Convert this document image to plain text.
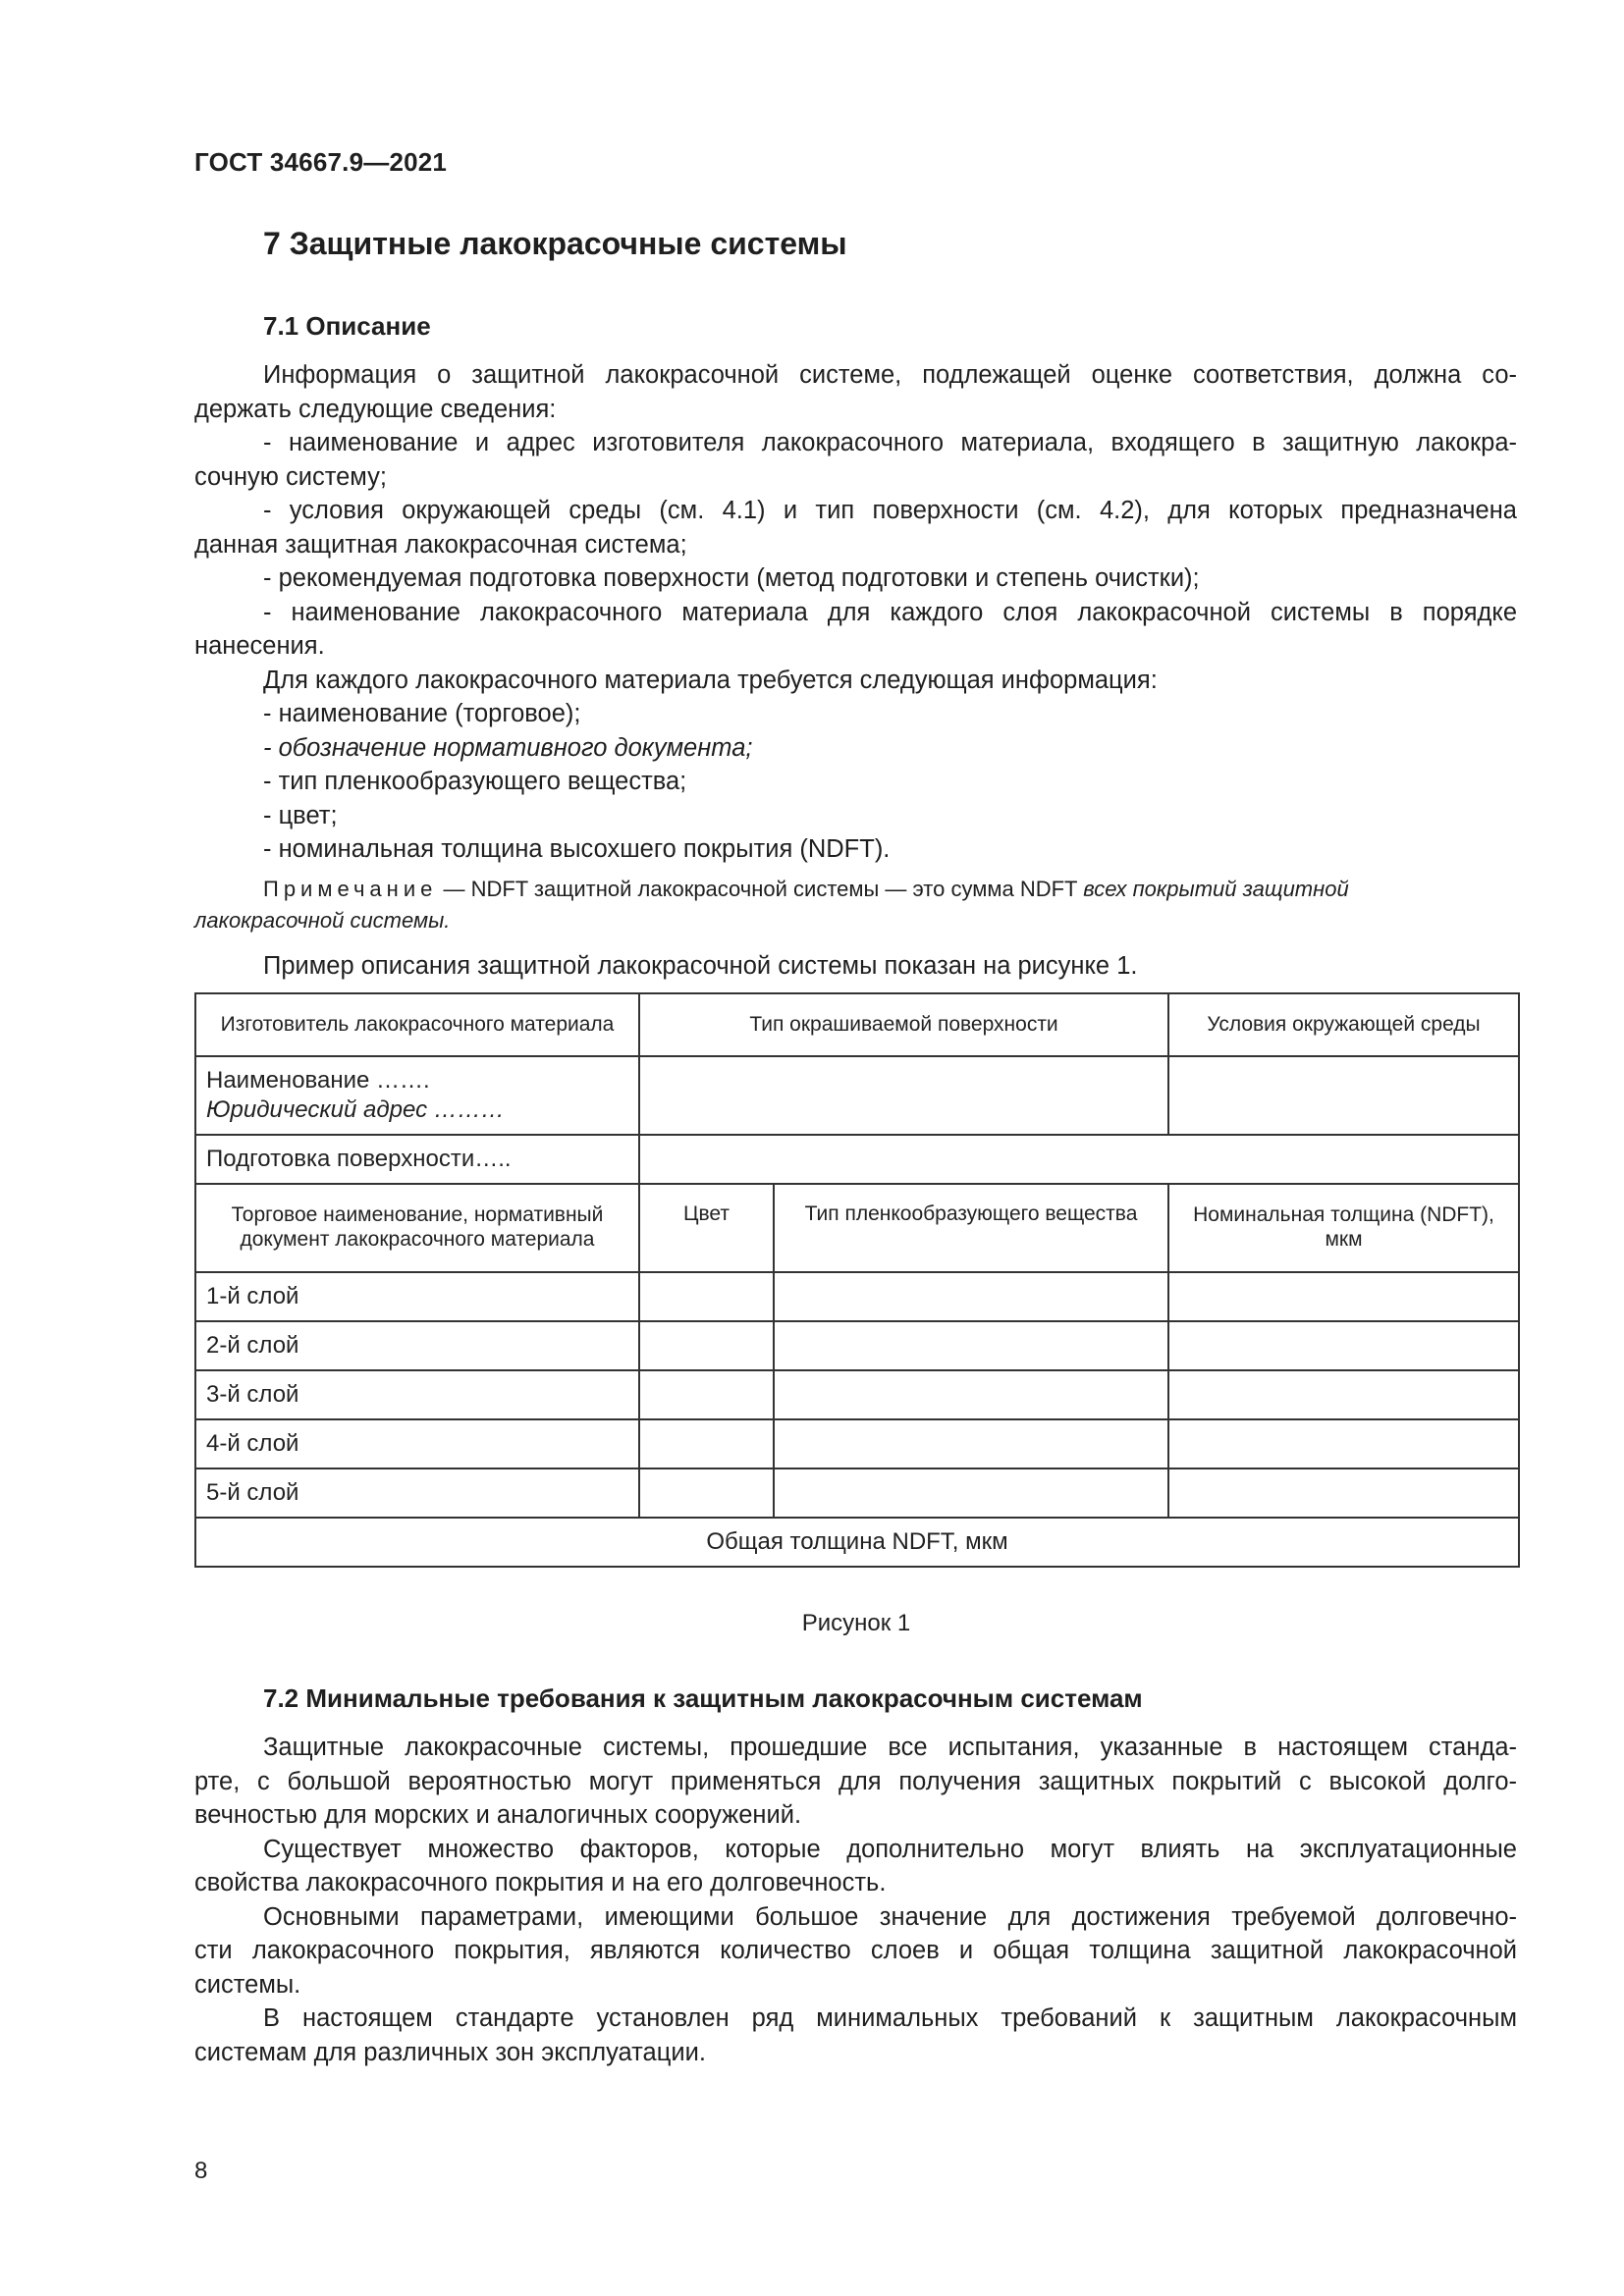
ГОСТ 34667.9—2021
7 Защитные лакокрасочные системы
7.1 Описание

Информация о защитной лакокрасочной системе, подлежащей оценке соответствия, должна со-

держать следующие сведения:

- наименование и адрес изготовителя лакокрасочного материала, входящего в защитную лакокра-

сочную систему;

- условия окружающей среды (см. 4.1) и тип поверхности (см. 4.2), для которых предназначена

данная защитная лакокрасочная система;

- рекомендуемая подготовка поверхности (метод подготовки и степень очистки);

- наименование лакокрасочного материала для каждого слоя лакокрасочной системы в порядке

нанесения.

Для каждого лакокрасочного материала требуется следующая информация:

- наименование (торговое);

- обозначение нормативного документа;

- тип пленкообразующего вещества;

- цвет;

- номинальная толщина высохшего покрытия (NDFT).

Примечание — NDFT защитной лакокрасочной системы — это сумма NDFT всех покрытий защитной
лакокрасочной системы.
Пример описания защитной лакокрасочной системы показан на рисунке 1.
Изготовитель лакокрасочного материала	Тип окрашиваемой поверхности		Условия окружающей среды

Наименование …….
Юридический адрес ………			

Подготовка поверхности…..			
Торговое наименование, нормативный документ лакокрасочного материала	Цвет	Тип пленкообразующего вещества	Номинальная толщина (NDFT), мкм
1-й слой			
2-й слой			
3-й слой			
4-й слой			
5-й слой			
Общая толщина NDFT, мкм			
Рисунок 1
7.2 Минимальные требования к защитным лакокрасочным системам

Защитные лакокрасочные системы, прошедшие все испытания, указанные в настоящем станда-

рте, с большой вероятностью могут применяться для получения защитных покрытий с высокой долго-

вечностью для морских и аналогичных сооружений.

Существует множество факторов, которые дополнительно могут влиять на эксплуатационные

свойства лакокрасочного покрытия и на его долговечность.

Основными параметрами, имеющими большое значение для достижения требуемой долговечно-

сти лакокрасочного покрытия, являются количество слоев и общая толщина защитной лакокрасочной

системы.

В настоящем стандарте установлен ряд минимальных требований к защитным лакокрасочным

системам для различных зон эксплуатации.

8
